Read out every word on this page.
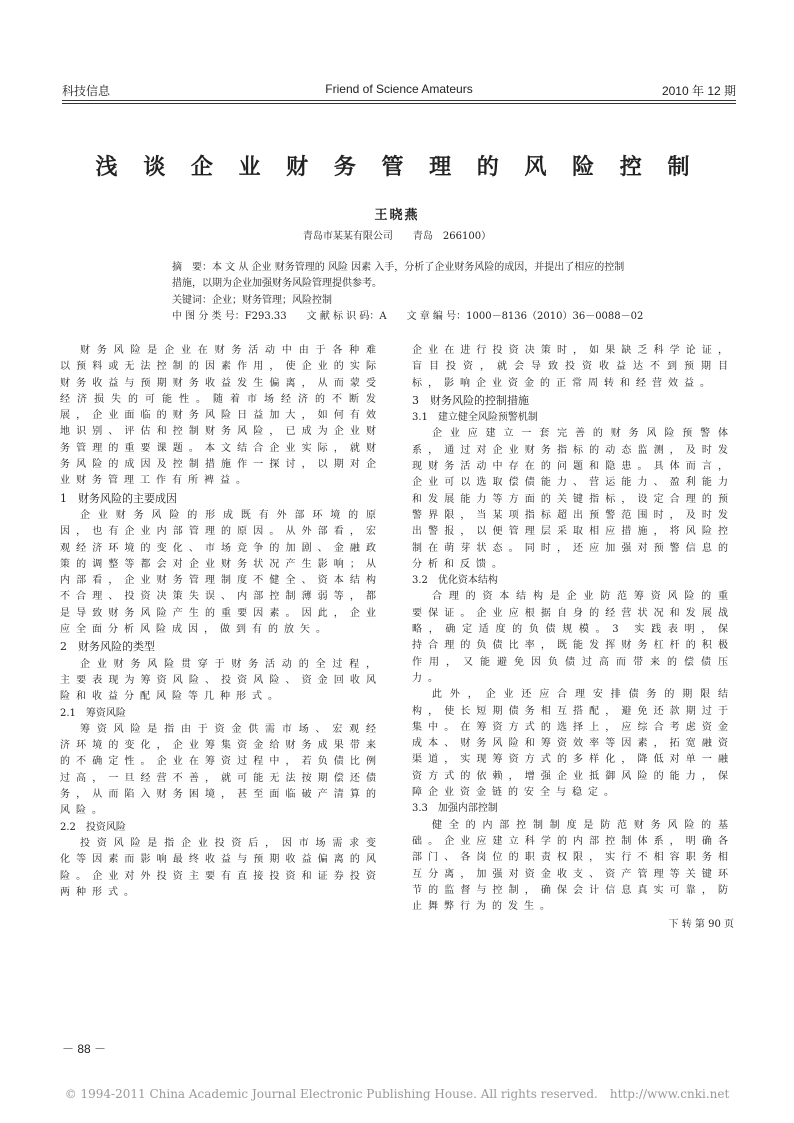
科技信息	Friend of Science Amateurs	2010 年 12 期
浅 谈 企 业 财 务 管 理 的 风 险 控 制
王晓燕
青岛市某某有限公司　　青岛　266100）
摘　要：本 文 从 企业 财务管理的 风险 因素 入手，分析了企业财务风险的成因，并提出了相应的控制
措施，以期为企业加强财务风险管理提供参考。
关键词：企业；财务管理；风险控制
中 图 分 类 号：F293.33　　文 献 标 识 码：A　　文 章 编 号：1000－8136（2010）36－0088－02

财务风险是企业在财务活动中由于各种难以预料或无法控制的因素作用，使企业的实际财务收益与预期财务收益发生偏离，从而蒙受经济损失的可能性。随着市场经济的不断发展，企业面临的财务风险日益加大，如何有效地识别、评估和控制财务风险，已成为企业财务管理的重要课题。本文结合企业实际，就财务风险的成因及控制措施作一探讨，以期对企业财务管理工作有所裨益。

1　财务风险的主要成因

企业财务风险的形成既有外部环境的原因，也有企业内部管理的原因。从外部看，宏观经济环境的变化、市场竞争的加剧、金融政策的调整等都会对企业财务状况产生影响；从内部看，企业财务管理制度不健全、资本结构不合理、投资决策失误、内部控制薄弱等，都是导致财务风险产生的重要因素。因此，企业应全面分析风险成因，做到有的放矢。

2　财务风险的类型

企业财务风险贯穿于财务活动的全过程，主要表现为筹资风险、投资风险、资金回收风险和收益分配风险等几种形式。

2.1　筹资风险

筹资风险是指由于资金供需市场、宏观经济环境的变化，企业筹集资金给财务成果带来的不确定性。企业在筹资过程中，若负债比例过高，一旦经营不善，就可能无法按期偿还债务，从而陷入财务困境，甚至面临破产清算的风险。

2.2　投资风险

投资风险是指企业投资后，因市场需求变化等因素而影响最终收益与预期收益偏离的风险。企业对外投资主要有直接投资和证券投资两种形式。

企业在进行投资决策时，如果缺乏科学论证，盲目投资，就会导致投资收益达不到预期目标，影响企业资金的正常周转和经营效益。

3　财务风险的控制措施
3.1　建立健全风险预警机制

企业应建立一套完善的财务风险预警体系，通过对企业财务指标的动态监测，及时发现财务活动中存在的问题和隐患。具体而言，企业可以选取偿债能力、营运能力、盈利能力和发展能力等方面的关键指标，设定合理的预警界限，当某项指标超出预警范围时，及时发出警报，以便管理层采取相应措施，将风险控制在萌芽状态。同时，还应加强对预警信息的分析和反馈。

3.2　优化资本结构

合理的资本结构是企业防范筹资风险的重要保证。企业应根据自身的经营状况和发展战略，确定适度的负债规模。3 实践表明，保持合理的负债比率，既能发挥财务杠杆的积极作用，又能避免因负债过高而带来的偿债压力。

此外，企业还应合理安排债务的期限结构，使长短期债务相互搭配，避免还款期过于集中。在筹资方式的选择上，应综合考虑资金成本、财务风险和筹资效率等因素，拓宽融资渠道，实现筹资方式的多样化，降低对单一融资方式的依赖，增强企业抵御风险的能力，保障企业资金链的安全与稳定。

3.3　加强内部控制

健全的内部控制制度是防范财务风险的基础。企业应建立科学的内部控制体系，明确各部门、各岗位的职责权限，实行不相容职务相互分离，加强对资金收支、资产管理等关键环节的监督与控制，确保会计信息真实可靠，防止舞弊行为的发生。

下 转 第 90 页
－ 88 －
© 1994-2011 China Academic Journal Electronic Publishing House. All rights reserved.　http://www.cnki.net
